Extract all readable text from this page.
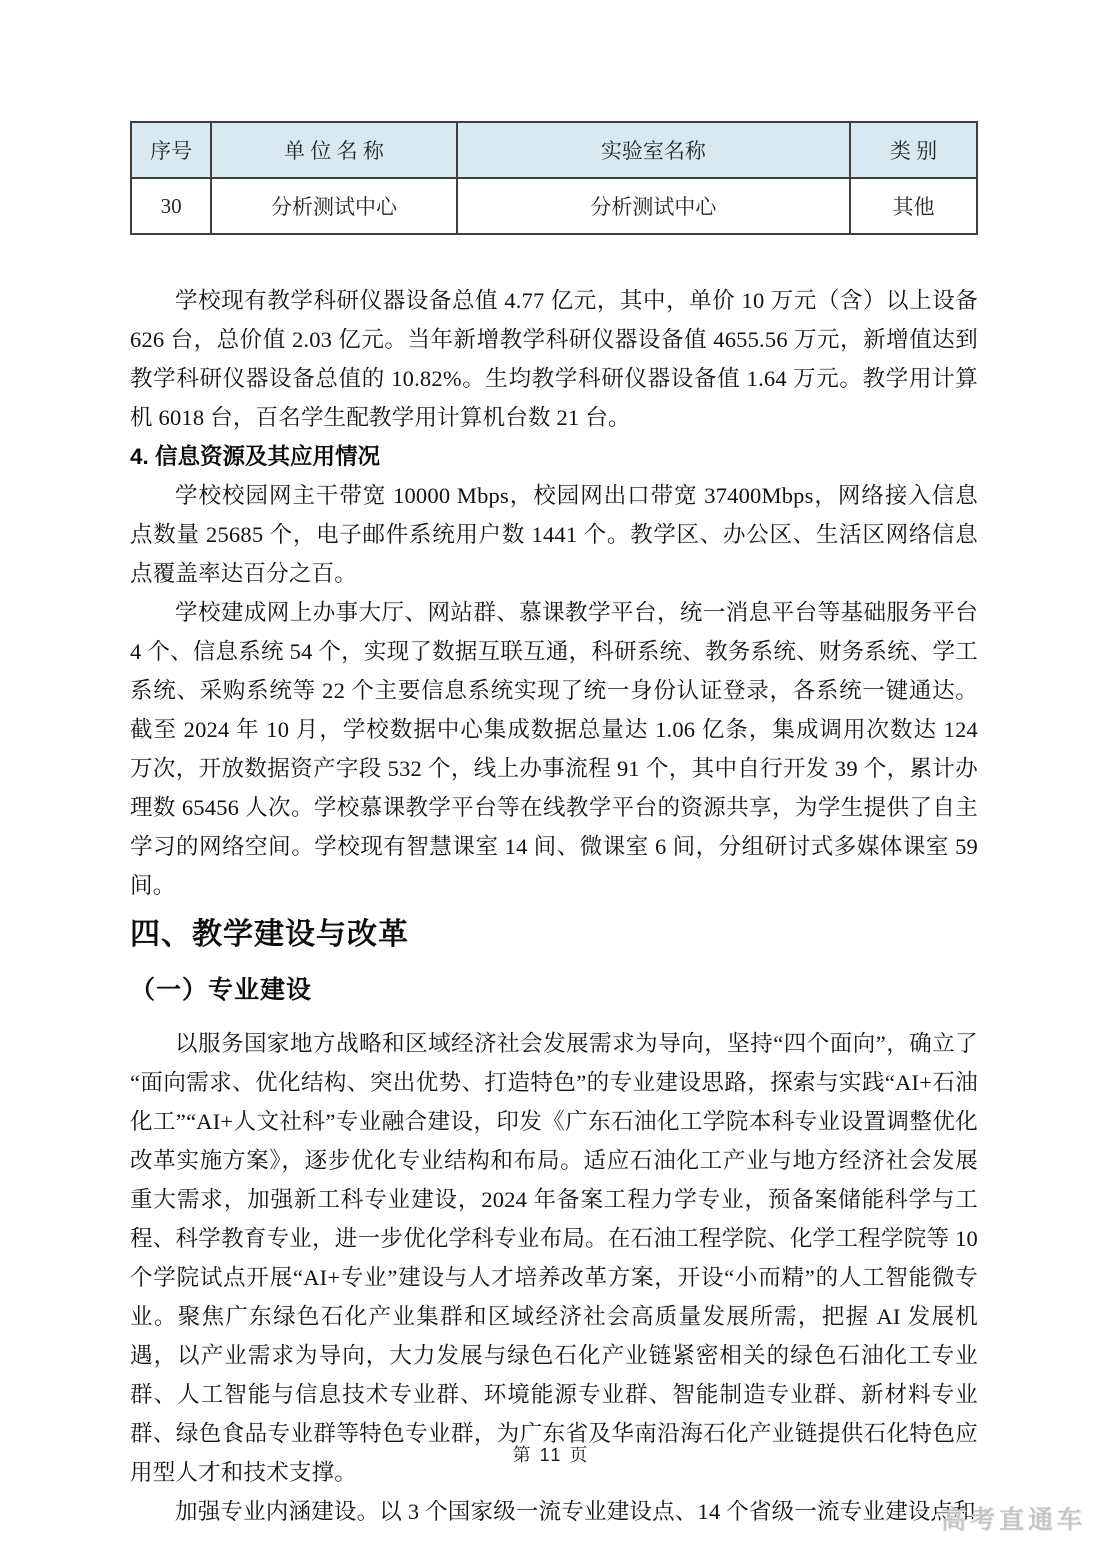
序号	单 位 名 称	实验室名称	类 别
30	分析测试中心	分析测试中心	其他

学校现有教学科研仪器设备总值 4.77 亿元，其中，单价 10 万元（含）以上设备 626 台，总价值 2.03 亿元。当年新增教学科研仪器设备值 4655.56 万元，新增值达到教学科研仪器设备总值的 10.82%。生均教学科研仪器设备值 1.64 万元。教学用计算机 6018 台，百名学生配教学用计算机台数 21 台。

4. 信息资源及其应用情况

学校校园网主干带宽 10000 Mbps，校园网出口带宽 37400Mbps，网络接入信息点数量 25685 个，电子邮件系统用户数 1441 个。教学区、办公区、生活区网络信息点覆盖率达百分之百。

学校建成网上办事大厅、网站群、慕课教学平台，统一消息平台等基础服务平台 4 个、信息系统 54 个，实现了数据互联互通，科研系统、教务系统、财务系统、学工系统、采购系统等 22 个主要信息系统实现了统一身份认证登录，各系统一键通达。截至 2024 年 10 月，学校数据中心集成数据总量达 1.06 亿条，集成调用次数达 124 万次，开放数据资产字段 532 个，线上办事流程 91 个，其中自行开发 39 个，累计办理数 65456 人次。学校慕课教学平台等在线教学平台的资源共享，为学生提供了自主学习的网络空间。学校现有智慧课室 14 间、微课室 6 间，分组研讨式多媒体课室 59 间。

四、教学建设与改革
（一）专业建设

以服务国家地方战略和区域经济社会发展需求为导向，坚持“四个面向”，确立了“面向需求、优化结构、突出优势、打造特色”的专业建设思路，探索与实践“AI+石油化工”“AI+人文社科”专业融合建设，印发《广东石油化工学院本科专业设置调整优化改革实施方案》，逐步优化专业结构和布局。适应石油化工产业与地方经济社会发展重大需求，加强新工科专业建设，2024 年备案工程力学专业，预备案储能科学与工程、科学教育专业，进一步优化学科专业布局。在石油工程学院、化学工程学院等 10 个学院试点开展“AI+专业”建设与人才培养改革方案，开设“小而精”的人工智能微专业。聚焦广东绿色石化产业集群和区域经济社会高质量发展所需，把握 AI 发展机遇，以产业需求为导向，大力发展与绿色石化产业链紧密相关的绿色石油化工专业群、人工智能与信息技术专业群、环境能源专业群、智能制造专业群、新材料专业群、绿色食品专业群等特色专业群，为广东省及华南沿海石化产业链提供石化特色应用型人才和技术支撑。

加强专业内涵建设。以 3 个国家级一流专业建设点、14 个省级一流专业建设点和

第 11 页
高考直通车
